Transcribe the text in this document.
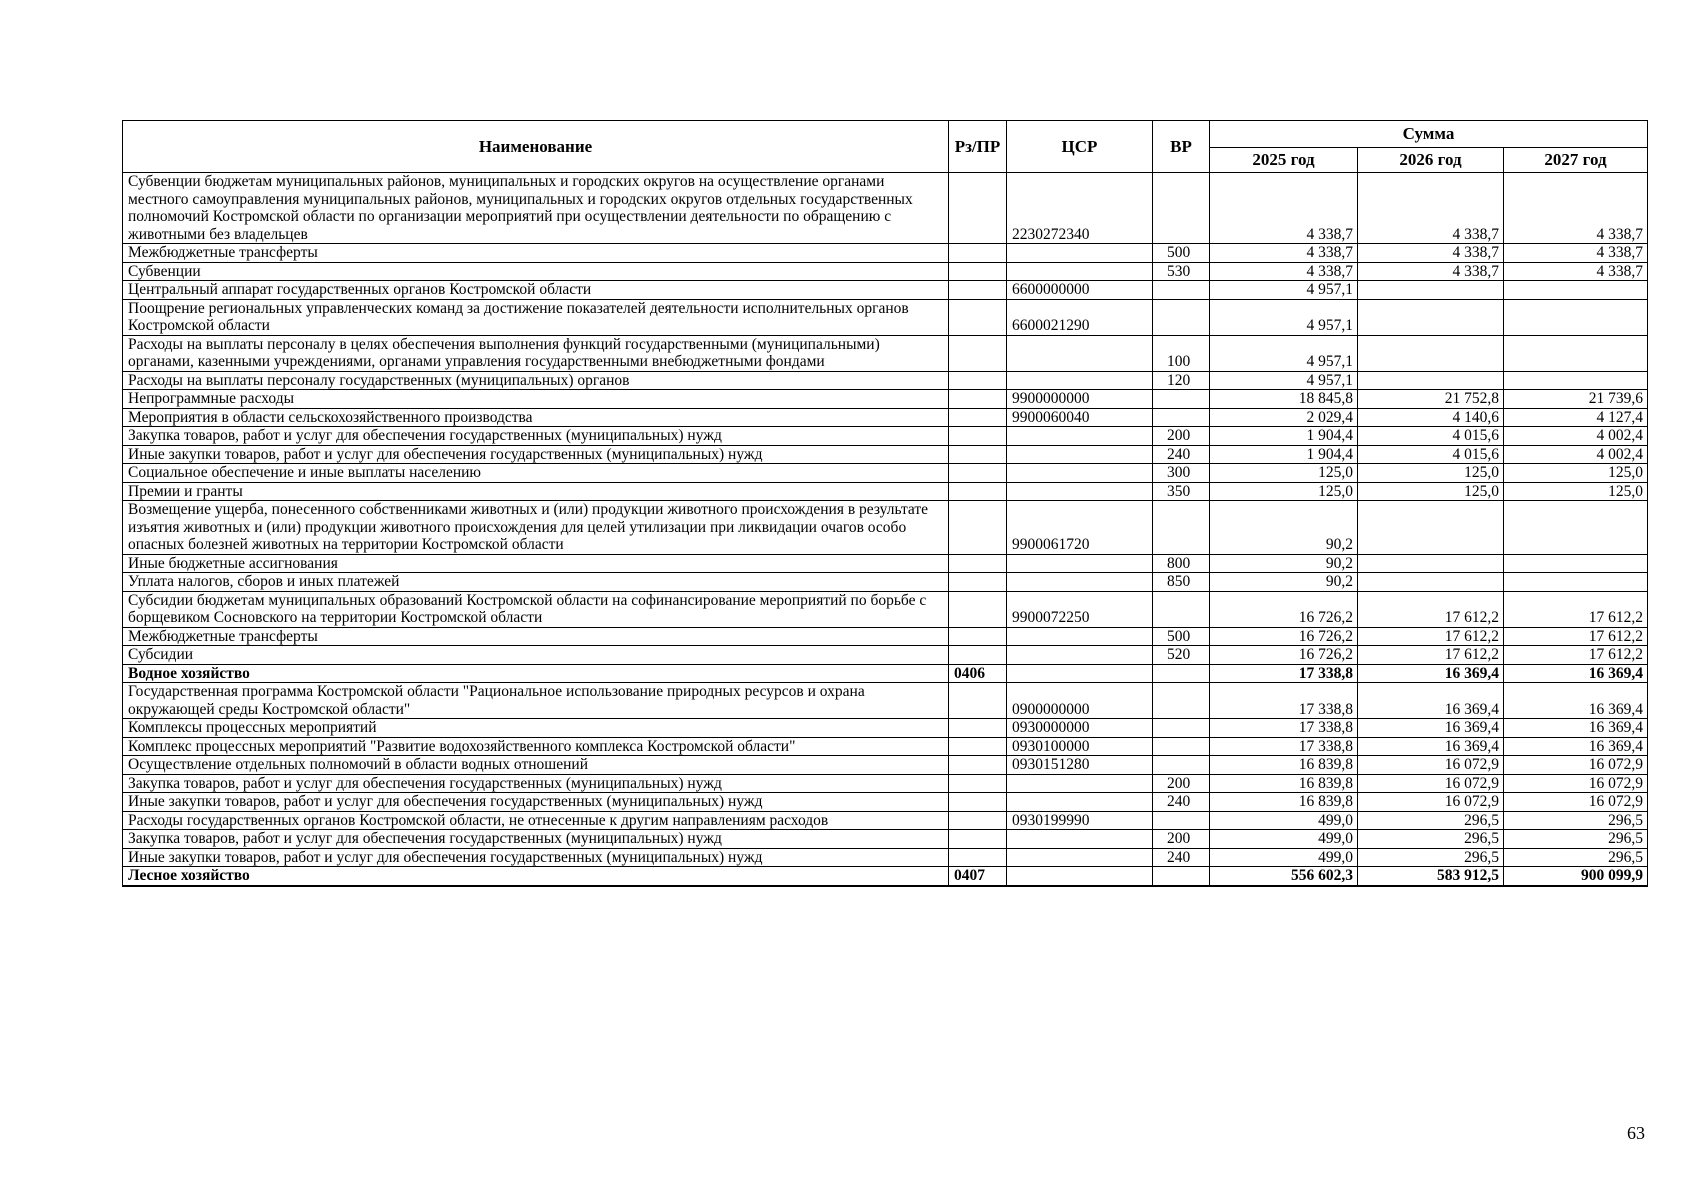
Наименование	Рз/ПР	ЦСР	ВР	Сумма		
				2025 год	2026 год	2027 год
Субвенции бюджетам муниципальных районов, муниципальных и городских округов на осуществление органами местного самоуправления муниципальных районов, муниципальных и городских округов отдельных государственных полномочий Костромской области по организации мероприятий при осуществлении деятельности по обращению с животными без владельцев		2230272340		4 338,7	4 338,7	4 338,7
Межбюджетные трансферты			500	4 338,7	4 338,7	4 338,7
Субвенции			530	4 338,7	4 338,7	4 338,7
Центральный аппарат государственных органов Костромской области		6600000000		4 957,1		
Поощрение региональных управленческих команд за достижение показателей деятельности исполнительных органов Костромской области		6600021290		4 957,1		
Расходы на выплаты персоналу в целях обеспечения выполнения функций государственными (муниципальными) органами, казенными учреждениями, органами управления государственными внебюджетными фондами			100	4 957,1		
Расходы на выплаты персоналу государственных (муниципальных) органов			120	4 957,1		
Непрограммные расходы		9900000000		18 845,8	21 752,8	21 739,6
Мероприятия в области сельскохозяйственного производства		9900060040		2 029,4	4 140,6	4 127,4
Закупка товаров, работ и услуг для обеспечения государственных (муниципальных) нужд			200	1 904,4	4 015,6	4 002,4
Иные закупки товаров, работ и услуг для обеспечения государственных (муниципальных) нужд			240	1 904,4	4 015,6	4 002,4
Социальное обеспечение и иные выплаты населению			300	125,0	125,0	125,0
Премии и гранты			350	125,0	125,0	125,0
Возмещение ущерба, понесенного собственниками животных и (или) продукции животного происхождения в результате изъятия животных и (или) продукции животного происхождения для целей утилизации при ликвидации очагов особо опасных болезней животных на территории Костромской области		9900061720		90,2		
Иные бюджетные ассигнования			800	90,2		
Уплата налогов, сборов и иных платежей			850	90,2		
Субсидии бюджетам муниципальных образований Костромской области на софинансирование мероприятий по борьбе с борщевиком Сосновского на территории Костромской области		9900072250		16 726,2	17 612,2	17 612,2
Межбюджетные трансферты			500	16 726,2	17 612,2	17 612,2
Субсидии			520	16 726,2	17 612,2	17 612,2
Водное хозяйство	0406			17 338,8	16 369,4	16 369,4
Государственная программа Костромской области "Рациональное использование природных ресурсов и охрана окружающей среды Костромской области"		0900000000		17 338,8	16 369,4	16 369,4
Комплексы процессных мероприятий		0930000000		17 338,8	16 369,4	16 369,4
Комплекс процессных мероприятий "Развитие водохозяйственного комплекса Костромской области"		0930100000		17 338,8	16 369,4	16 369,4
Осуществление отдельных полномочий в области водных отношений		0930151280		16 839,8	16 072,9	16 072,9
Закупка товаров, работ и услуг для обеспечения государственных (муниципальных) нужд			200	16 839,8	16 072,9	16 072,9
Иные закупки товаров, работ и услуг для обеспечения государственных (муниципальных) нужд			240	16 839,8	16 072,9	16 072,9
Расходы государственных органов Костромской области, не отнесенные к другим направлениям расходов		0930199990		499,0	296,5	296,5
Закупка товаров, работ и услуг для обеспечения государственных (муниципальных) нужд			200	499,0	296,5	296,5
Иные закупки товаров, работ и услуг для обеспечения государственных (муниципальных) нужд			240	499,0	296,5	296,5
Лесное хозяйство	0407			556 602,3	583 912,5	900 099,9
63
